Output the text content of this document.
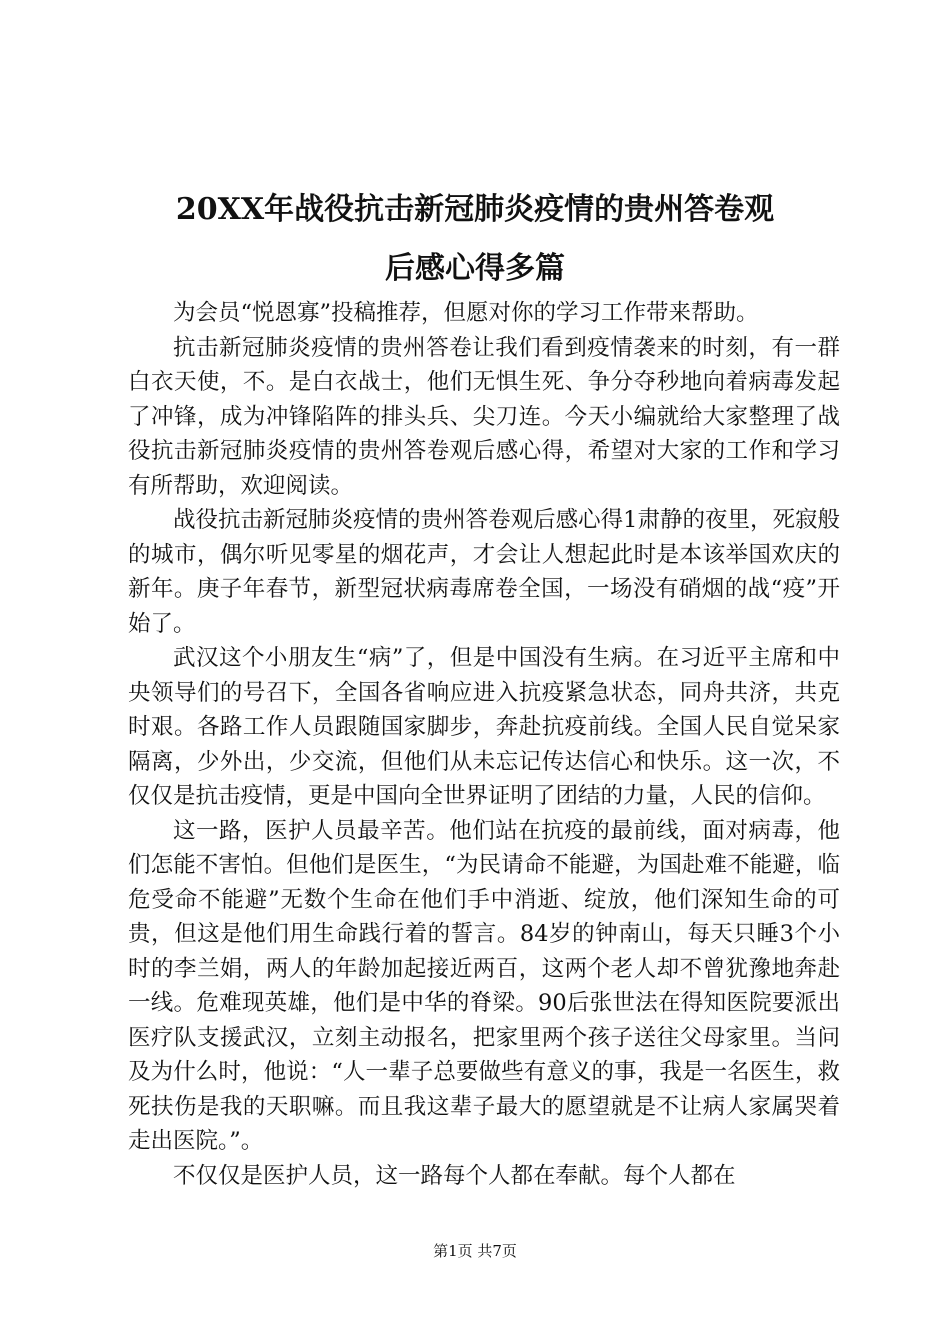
20XX年战役抗击新冠肺炎疫情的贵州答卷观
后感心得多篇

为会员“悦恩寡”投稿推荐，但愿对你的学习工作带来帮助。

抗击新冠肺炎疫情的贵州答卷让我们看到疫情袭来的时刻，有一群白衣天使，不。是白衣战士，他们无惧生死、争分夺秒地向着病毒发起了冲锋，成为冲锋陷阵的排头兵、尖刀连。今天小编就给大家整理了战役抗击新冠肺炎疫情的贵州答卷观后感心得，希望对大家的工作和学习有所帮助，欢迎阅读。

战役抗击新冠肺炎疫情的贵州答卷观后感心得1肃静的夜里，死寂般的城市，偶尔听见零星的烟花声，才会让人想起此时是本该举国欢庆的新年。庚子年春节，新型冠状病毒席卷全国，一场没有硝烟的战“疫”开始了。

武汉这个小朋友生“病”了，但是中国没有生病。在习近平主席和中央领导们的号召下，全国各省响应进入抗疫紧急状态，同舟共济，共克时艰。各路工作人员跟随国家脚步，奔赴抗疫前线。全国人民自觉呆家隔离，少外出，少交流，但他们从未忘记传达信心和快乐。这一次，不仅仅是抗击疫情，更是中国向全世界证明了团结的力量，人民的信仰。

这一路，医护人员最辛苦。他们站在抗疫的最前线，面对病毒，他们怎能不害怕。但他们是医生，“为民请命不能避，为国赴难不能避，临危受命不能避”无数个生命在他们手中消逝、绽放，他们深知生命的可贵，但这是他们用生命践行着的誓言。84岁的钟南山，每天只睡3个小时的李兰娟，两人的年龄加起接近两百，这两个老人却不曾犹豫地奔赴一线。危难现英雄，他们是中华的脊梁。90后张世法在得知医院要派出医疗队支援武汉，立刻主动报名，把家里两个孩子送往父母家里。当问及为什么时，他说：“人一辈子总要做些有意义的事，我是一名医生，救死扶伤是我的天职嘛。而且我这辈子最大的愿望就是不让病人家属哭着走出医院。”。

不仅仅是医护人员，这一路每个人都在奉献。每个人都在

第1页 共7页
